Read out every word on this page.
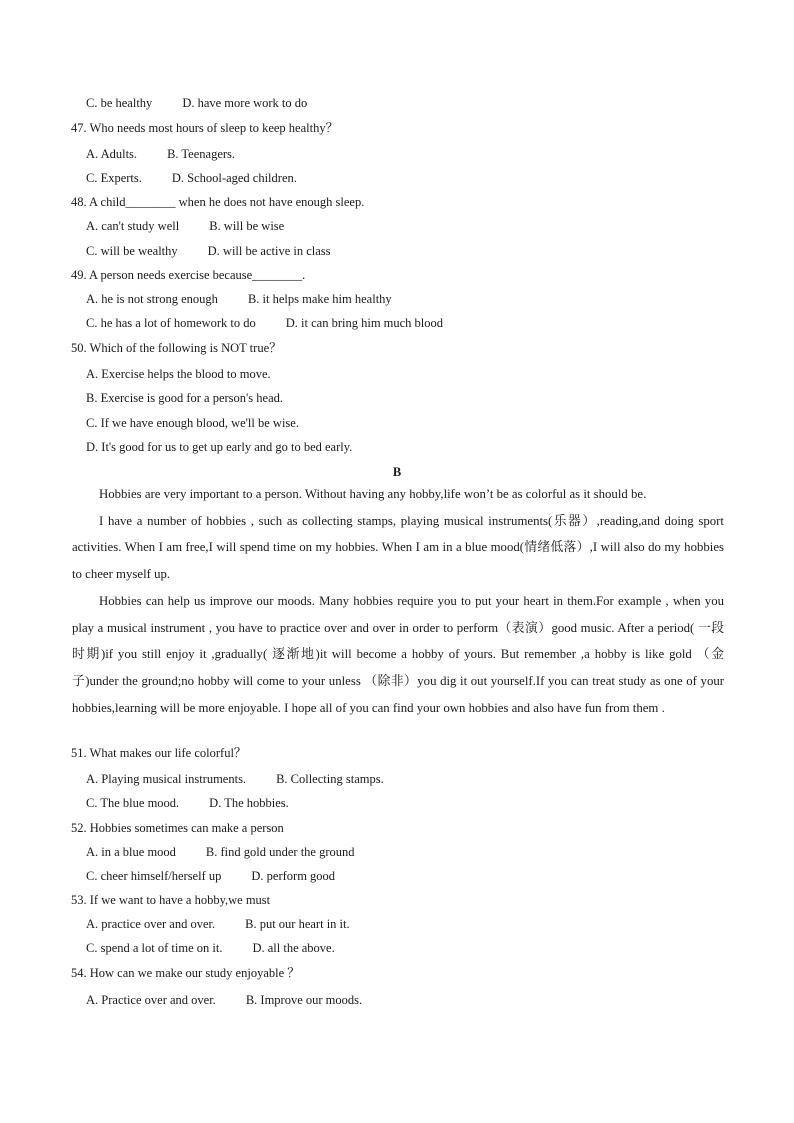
C. be healthy D. have more work to do
47. Who needs most hours of sleep to keep healthy？
A. Adults. B. Teenagers.
C. Experts. D. School-aged children.
48. A child________ when he does not have enough sleep.
A. can't study well B. will be wise
C. will be wealthy D. will be active in class
49. A person needs exercise because________.
A. he is not strong enough B. it helps make him healthy
C. he has a lot of homework to do D. it can bring him much blood
50. Which of the following is NOT true？
A. Exercise helps the blood to move.
B. Exercise is good for a person's head.
C. If we have enough blood, we'll be wise.
D. It's good for us to get up early and go to bed early.
B

Hobbies are very important to a person. Without having any hobby,life won’t be as colorful as it should be.

I have a number of hobbies , such as collecting stamps, playing musical instruments(乐器）,reading,and doing sport activities. When I am free,I will spend time on my hobbies. When I am in a blue mood(情绪低落）,I will also do my hobbies to cheer myself up.

Hobbies can help us improve our moods. Many hobbies require you to put your heart in them.For example , when you play a musical instrument , you have to practice over and over in order to perform（表演）good music. After a period( 一段时期)if you still enjoy it ,gradually( 逐渐地)it will become a hobby of yours. But remember ,a hobby is like gold （金子)under the ground;no hobby will come to your unless （除非）you dig it out yourself.If you can treat study as one of your hobbies,learning will be more enjoyable. I hope all of you can find your own hobbies and also have fun from them .

51. What makes our life colorful？
A. Playing musical instruments. B. Collecting stamps.
C. The blue mood. D. The hobbies.
52. Hobbies sometimes can make a person
A. in a blue mood B. find gold under the ground
C. cheer himself/herself up D. perform good
53. If we want to have a hobby,we must
A. practice over and over. B. put our heart in it.
C. spend a lot of time on it. D. all the above.
54. How can we make our study enjoyable ？
A. Practice over and over. B. Improve our moods.
